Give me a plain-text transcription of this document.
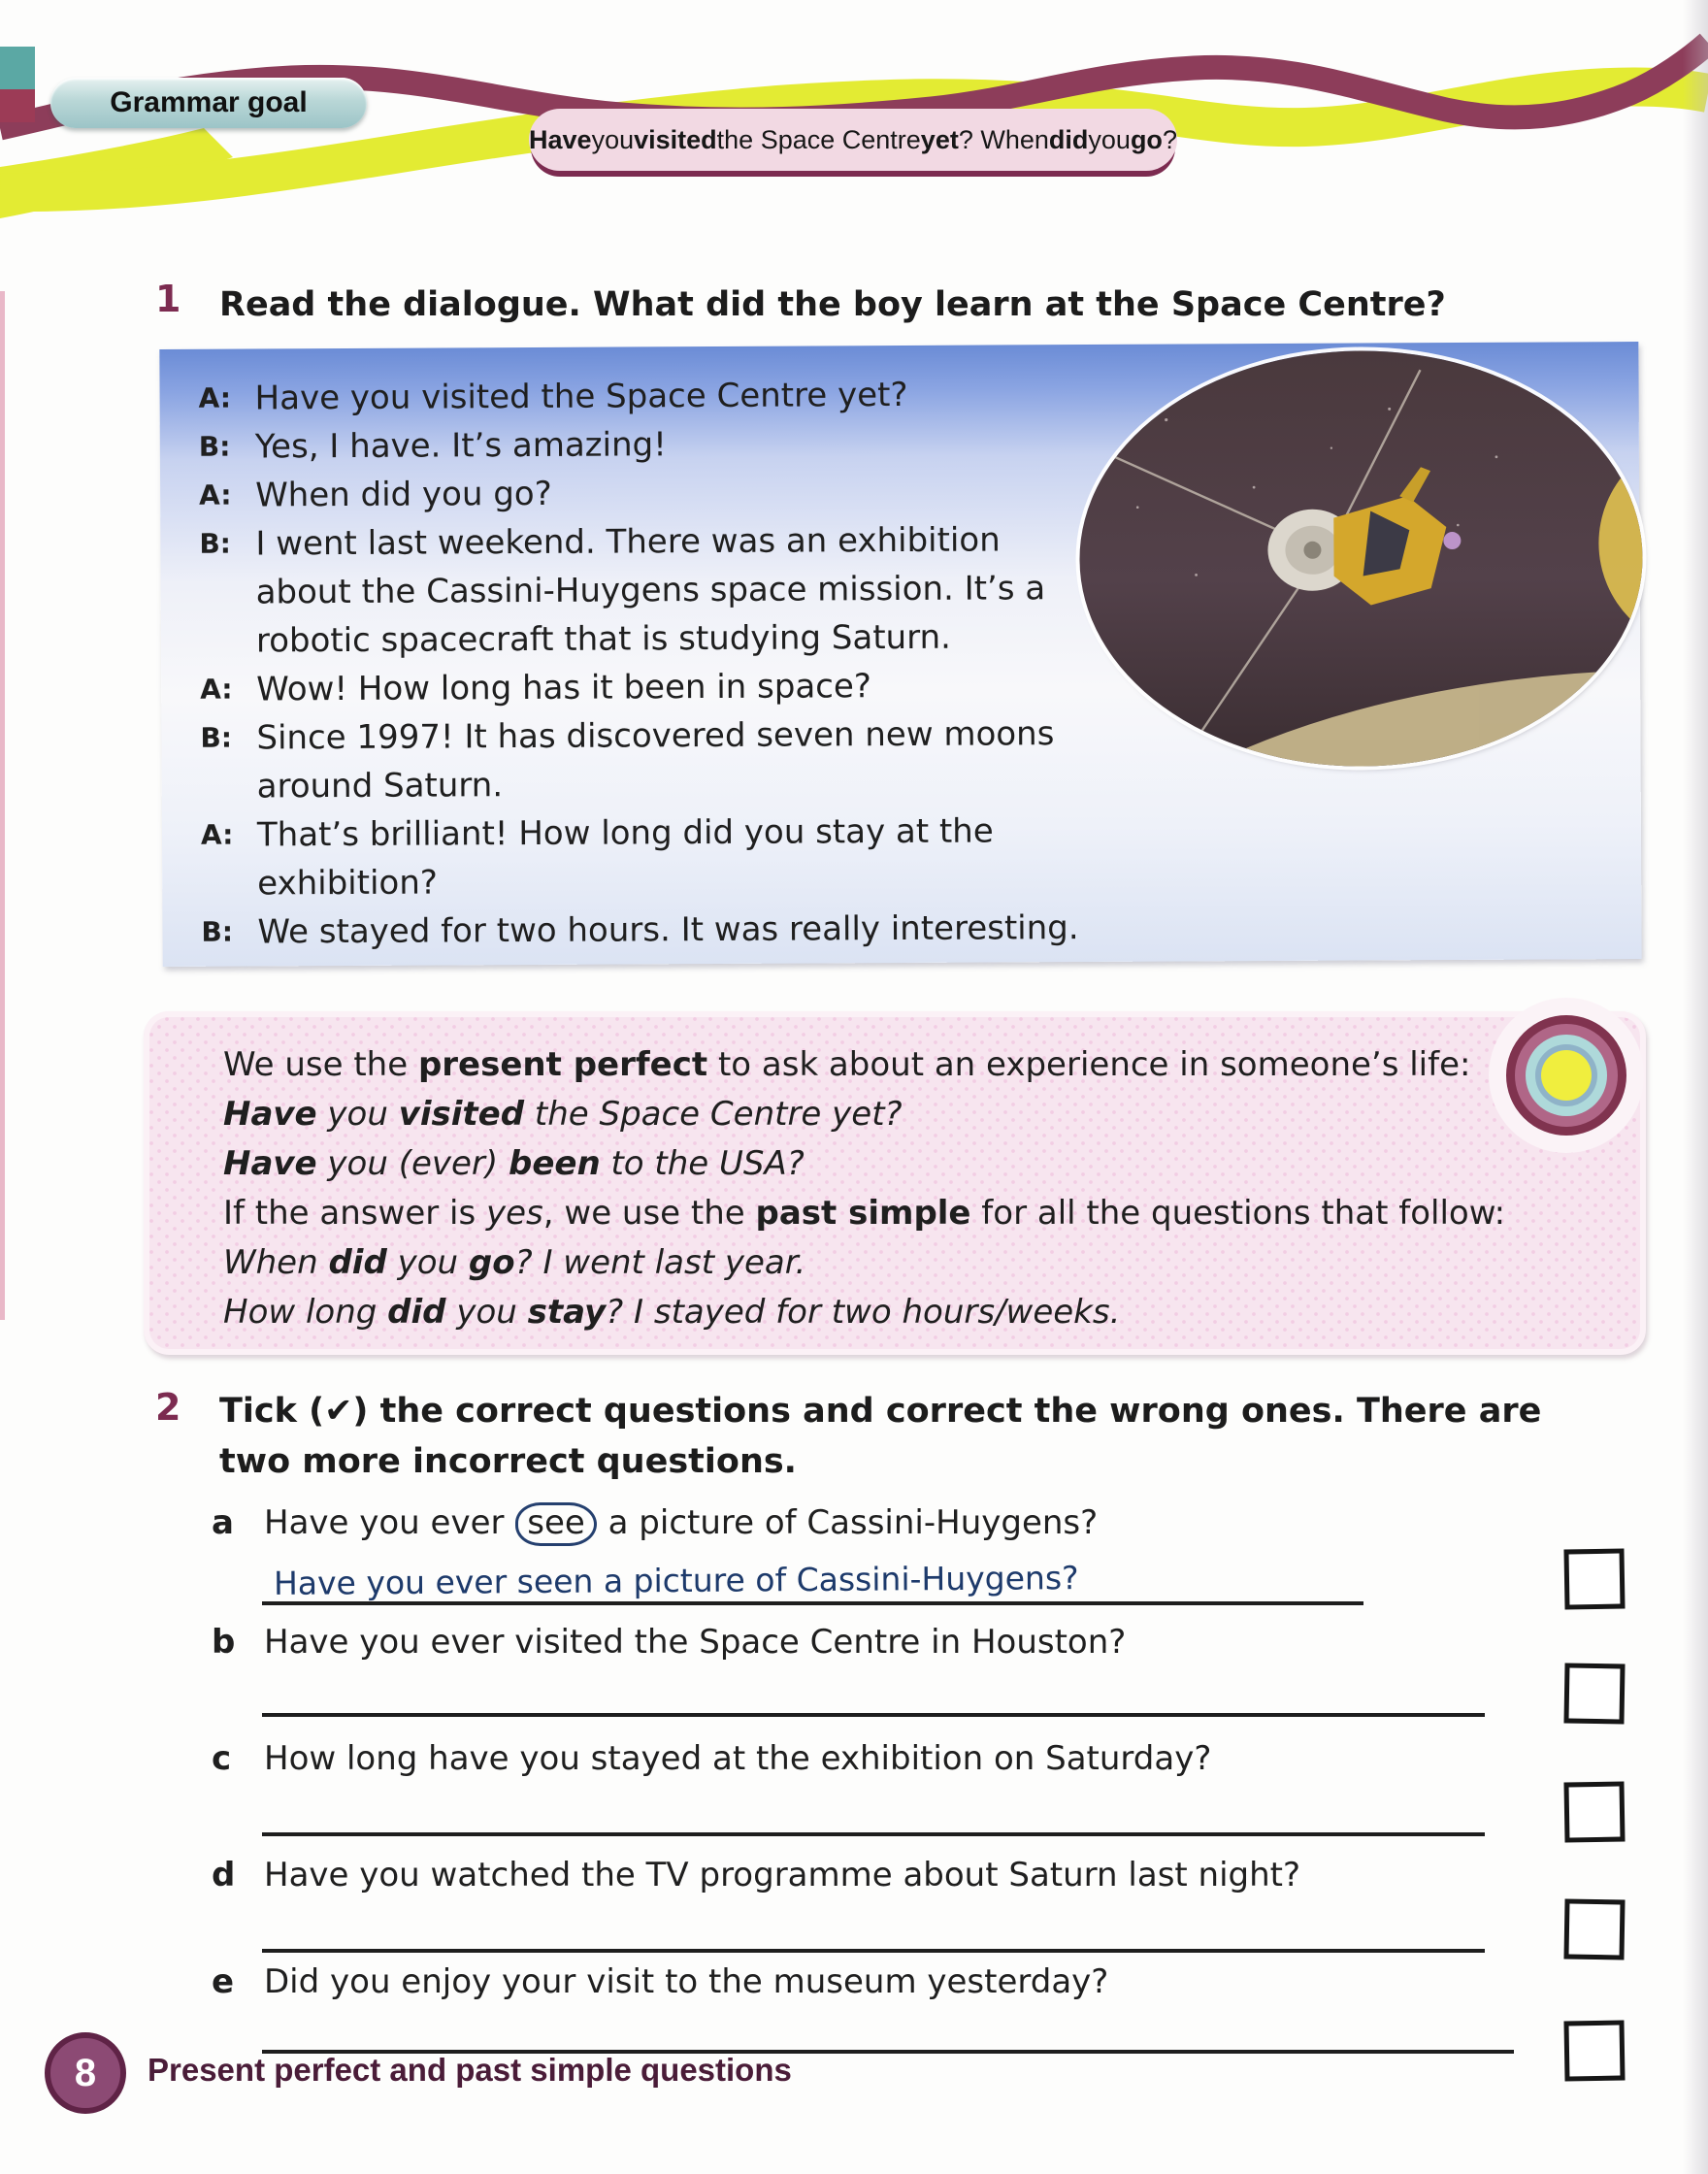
Grammar goal
Have you visited the Space Centre yet ? When did you go ?
1 Read the dialogue. What did the boy learn at the Space Centre?
A: Have you visited the Space Centre yet?
B: Yes, I have. It’s amazing!
A: When did you go?
B: I went last weekend. There was an exhibition
about the Cassini-Huygens space mission. It’s a
robotic spacecraft that is studying Saturn.
A: Wow! How long has it been in space?
B: Since 1997! It has discovered seven new moons
around Saturn.
A: That’s brilliant! How long did you stay at the exhibition?
B: We stayed for two hours. It was really interesting.

We use the present perfect to ask about an experience in someone’s life:

Have you visited the Space Centre yet?

Have you (ever) been to the USA?

If the answer is yes, we use the past simple for all the questions that follow:

When did you go? I went last year.

How long did you stay? I stayed for two hours/weeks.

2 Tick (✔) the correct questions and correct the wrong ones. There are
two more incorrect questions.
a Have you ever see a picture of Cassini-Huygens?
Have you ever seen a picture of Cassini-Huygens?
b Have you ever visited the Space Centre in Houston?
c How long have you stayed at the exhibition on Saturday?
d Have you watched the TV programme about Saturn last night?
e Did you enjoy your visit to the museum yesterday?
8 Present perfect and past simple questions
